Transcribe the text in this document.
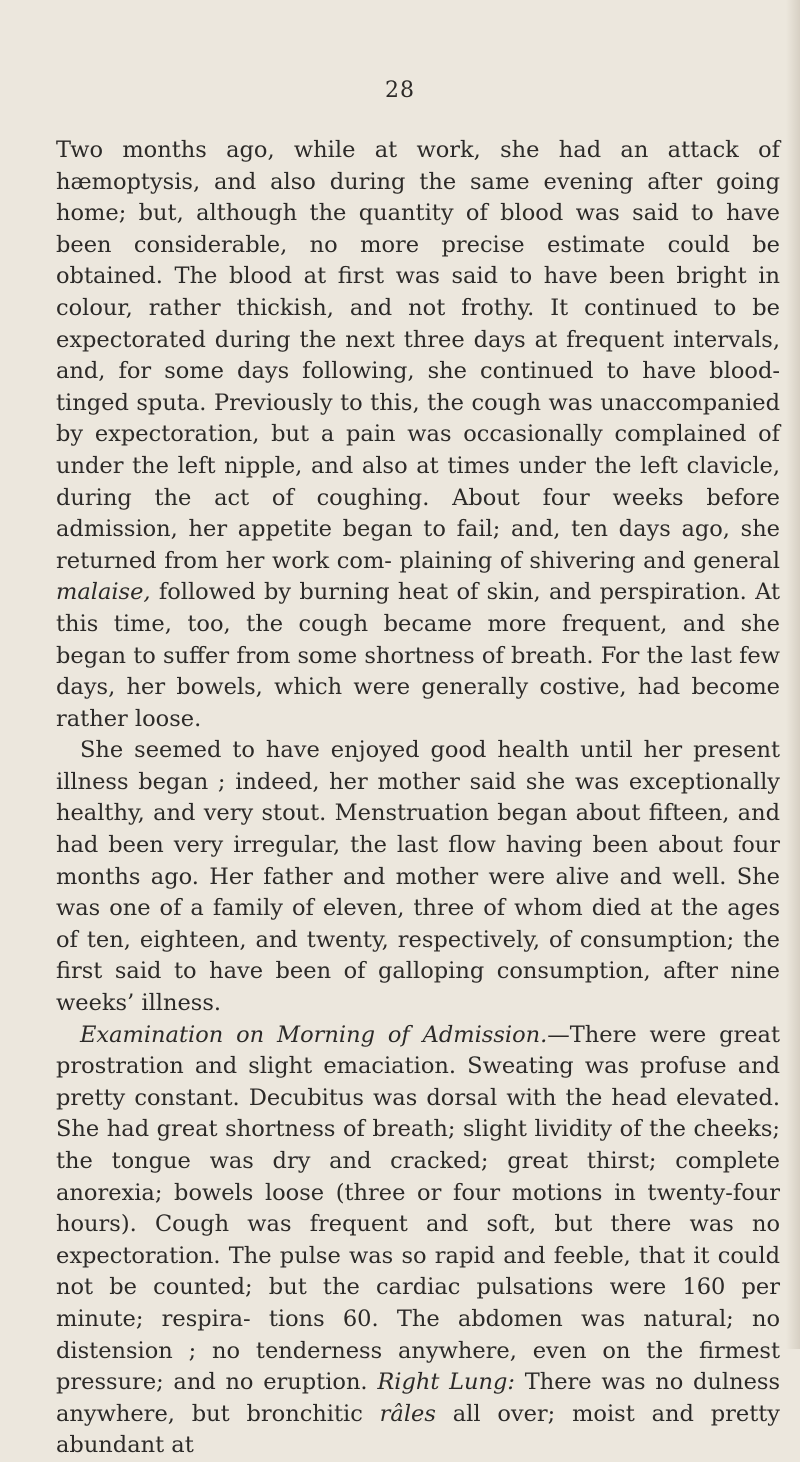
28

Two months ago, while at work, she had an attack of hæmoptysis, and also during the same evening after going home; but, although the quantity of blood was said to have been considerable, no more precise estimate could be obtained. The blood at first was said to have been bright in colour, rather thickish, and not frothy. It continued to be expectorated during the next three days at frequent intervals, and, for some days following, she continued to have blood-tinged sputa. Previously to this, the cough was unaccompanied by expectoration, but a pain was occasionally complained of under the left nipple, and also at times under the left clavicle, during the act of coughing. About four weeks before admission, her appetite began to fail; and, ten days ago, she returned from her work com- plaining of shivering and general malaise, followed by burning heat of skin, and perspiration. At this time, too, the cough became more frequent, and she began to suffer from some shortness of breath. For the last few days, her bowels, which were generally costive, had become rather loose.

She seemed to have enjoyed good health until her present illness began ; indeed, her mother said she was exceptionally healthy, and very stout. Menstruation began about fifteen, and had been very irregular, the last flow having been about four months ago. Her father and mother were alive and well. She was one of a family of eleven, three of whom died at the ages of ten, eighteen, and twenty, respectively, of consumption; the first said to have been of galloping consumption, after nine weeks’ illness.

Examination on Morning of Admission.—There were great prostration and slight emaciation. Sweating was profuse and pretty constant. Decubitus was dorsal with the head elevated. She had great shortness of breath; slight lividity of the cheeks; the tongue was dry and cracked; great thirst; complete anorexia; bowels loose (three or four motions in twenty-four hours). Cough was frequent and soft, but there was no expectoration. The pulse was so rapid and feeble, that it could not be counted; but the cardiac pulsations were 160 per minute; respira- tions 60. The abdomen was natural; no distension ; no tenderness anywhere, even on the firmest pressure; and no eruption. Right Lung: There was no dulness anywhere, but bronchitic râles all over; moist and pretty abundant at
